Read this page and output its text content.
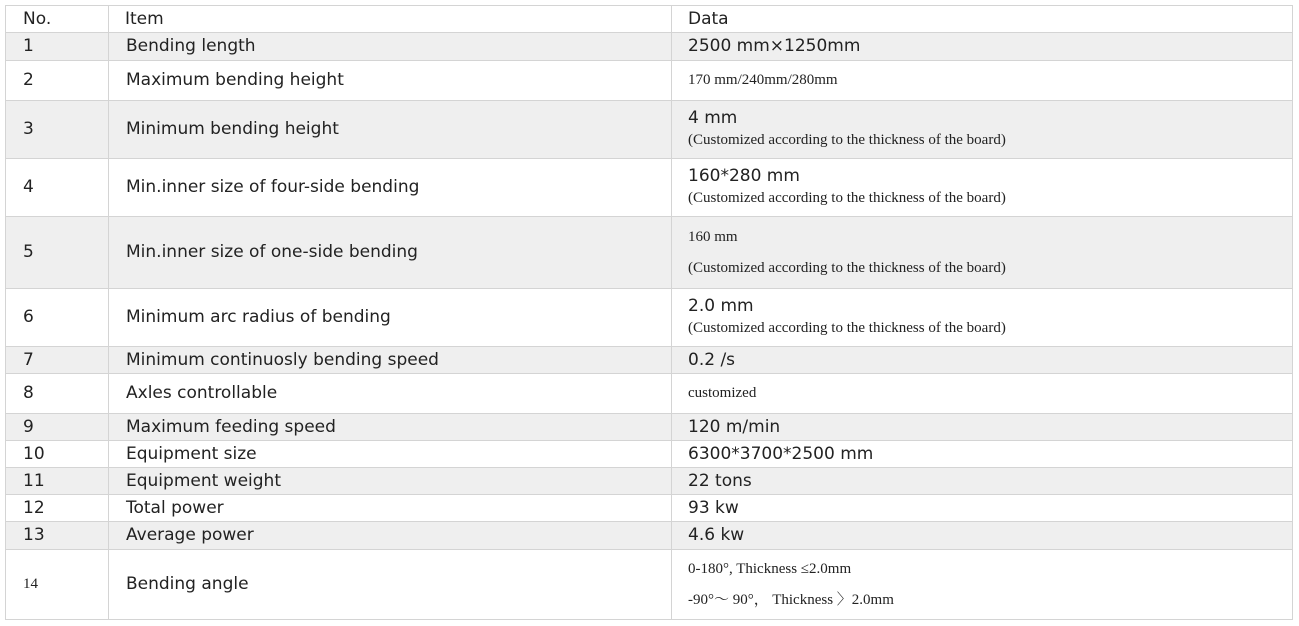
No.	Item	Data
1	Bending length	2500 mm×1250mm
2	Maximum bending height	170 mm/240mm/280mm
3	Minimum bending height	4 mm
(Customized according to the thickness of the board)

4	Min.inner size of four-side bending	160*280 mm
(Customized according to the thickness of the board)

5	Min.inner size of one-side bending	160 mm
(Customized according to the thickness of the board)

6	Minimum arc radius of bending	2.0 mm
(Customized according to the thickness of the board)

7	Minimum continuosly bending speed	0.2 /s
8	Axles controllable	customized
9	Maximum feeding speed	120 m/min
10	Equipment size	6300*3700*2500 mm
11	Equipment weight	22 tons
12	Total power	93 kw
13	Average power	4.6 kw
14	Bending angle	0-180°, Thickness ≤2.0mm
-90°～ 90°， Thickness 〉2.0mm
